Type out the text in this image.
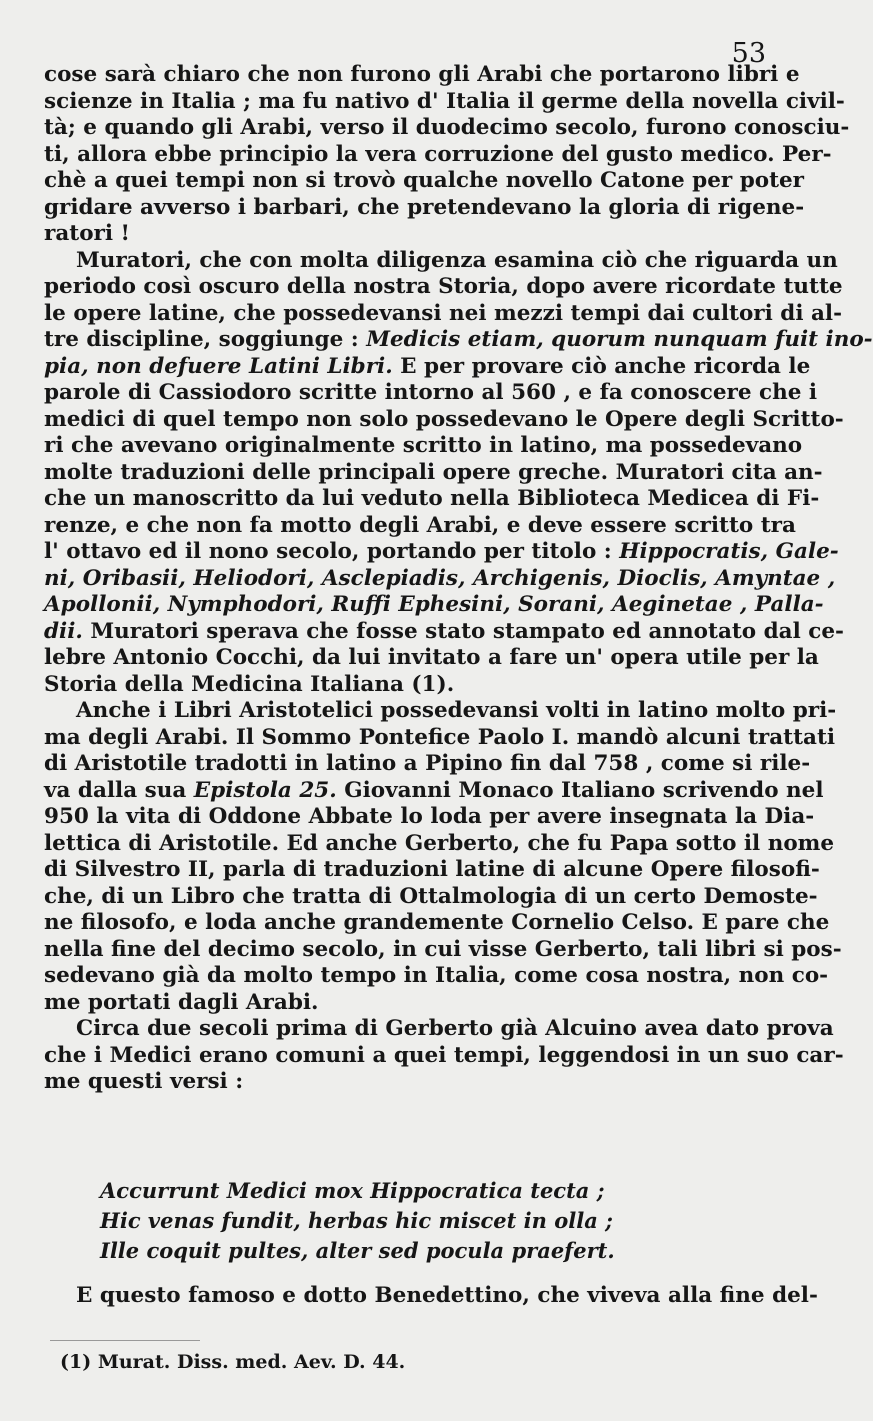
53
cose sarà chiaro che non furono gli Arabi che portarono libri e
scienze in Italia ; ma fu nativo d' Italia il germe della novella civil-
tà; e quando gli Arabi, verso il duodecimo secolo, furono conosciu-
ti, allora ebbe principio la vera corruzione del gusto medico. Per-
chè a quei tempi non si trovò qualche novello Catone per poter
gridare avverso i barbari, che pretendevano la gloria di rigene-
ratori !
Muratori, che con molta diligenza esamina ciò che riguarda un
periodo così oscuro della nostra Storia, dopo avere ricordate tutte
le opere latine, che possedevansi nei mezzi tempi dai cultori di al-
tre discipline, soggiunge : Medicis etiam, quorum nunquam fuit ino-
pia, non defuere Latini Libri. E per provare ciò anche ricorda le
parole di Cassiodoro scritte intorno al 560 , e fa conoscere che i
medici di quel tempo non solo possedevano le Opere degli Scritto-
ri che avevano originalmente scritto in latino, ma possedevano
molte traduzioni delle principali opere greche. Muratori cita an-
che un manoscritto da lui veduto nella Biblioteca Medicea di Fi-
renze, e che non fa motto degli Arabi, e deve essere scritto tra
l' ottavo ed il nono secolo, portando per titolo : Hippocratis, Gale-
ni, Oribasii, Heliodori, Asclepiadis, Archigenis, Dioclis, Amyntae ,
Apollonii, Nymphodori, Ruffi Ephesini, Sorani, Aeginetae , Palla-
dii. Muratori sperava che fosse stato stampato ed annotato dal ce-
lebre Antonio Cocchi, da lui invitato a fare un' opera utile per la
Storia della Medicina Italiana (1).
Anche i Libri Aristotelici possedevansi volti in latino molto pri-
ma degli Arabi. Il Sommo Pontefice Paolo I. mandò alcuni trattati
di Aristotile tradotti in latino a Pipino fin dal 758 , come si rile-
va dalla sua Epistola 25. Giovanni Monaco Italiano scrivendo nel
950 la vita di Oddone Abbate lo loda per avere insegnata la Dia-
lettica di Aristotile. Ed anche Gerberto, che fu Papa sotto il nome
di Silvestro II, parla di traduzioni latine di alcune Opere filosofi-
che, di un Libro che tratta di Ottalmologia di un certo Demoste-
ne filosofo, e loda anche grandemente Cornelio Celso. E pare che
nella fine del decimo secolo, in cui visse Gerberto, tali libri si pos-
sedevano già da molto tempo in Italia, come cosa nostra, non co-
me portati dagli Arabi.
Circa due secoli prima di Gerberto già Alcuino avea dato prova
che i Medici erano comuni a quei tempi, leggendosi in un suo car-
me questi versi :
Accurrunt Medici mox Hippocratica tecta ;
Hic venas fundit, herbas hic miscet in olla ;
Ille coquit pultes, alter sed pocula praefert.
E questo famoso e dotto Benedettino, che viveva alla fine del-
(1) Murat. Diss. med. Aev. D. 44.
